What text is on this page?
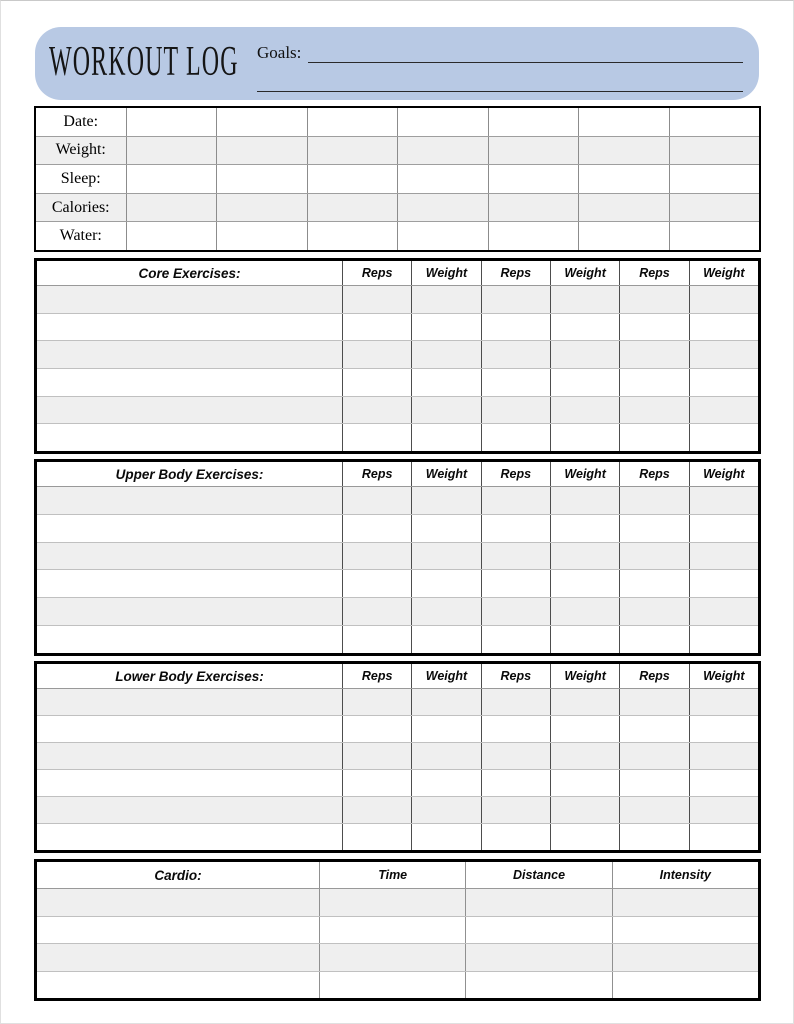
WORKOUT LOG Goals:
Date:
Weight:
Sleep:
Calories:
Water:
Core Exercises:	Reps	Weight	Reps	Weight	Reps	Weight
Upper Body Exercises:	Reps	Weight	Reps	Weight	Reps	Weight
Lower Body Exercises:	Reps	Weight	Reps	Weight	Reps	Weight
Cardio:	Time	Distance	Intensity
